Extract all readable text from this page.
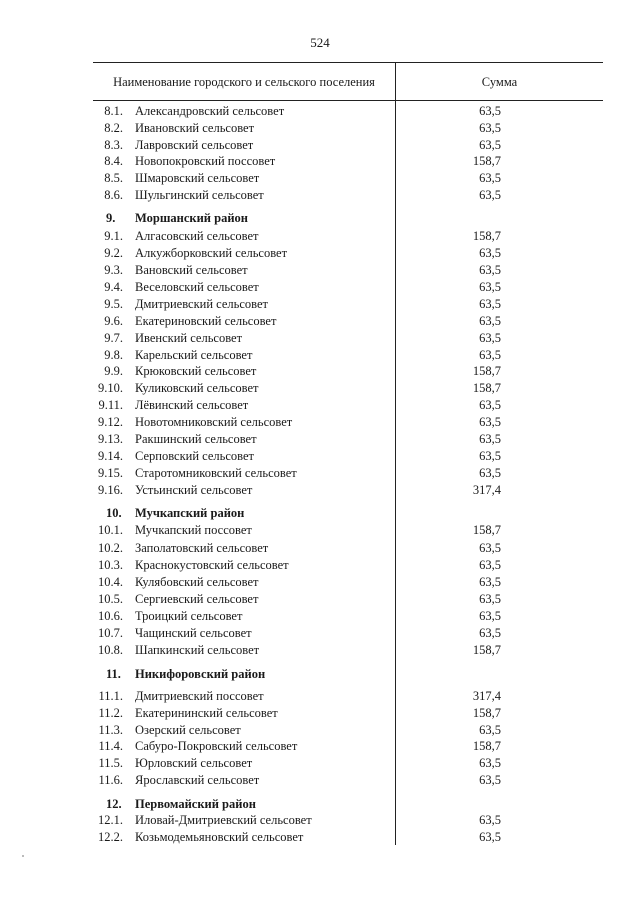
524
Наименование городского и сельского поселения	Сумма
8.1. Александровский сельсовет	63,5
8.2. Ивановский сельсовет	63,5
8.3. Лавровский сельсовет	63,5
8.4. Новопокровский поссовет	158,7
8.5. Шмаровский сельсовет	63,5
8.6. Шульгинский сельсовет	63,5
9. Моршанский район
9.1. Алгасовский сельсовет	158,7
9.2. Алкужборковский сельсовет	63,5
9.3. Вановский сельсовет	63,5
9.4. Веселовский сельсовет	63,5
9.5. Дмитриевский сельсовет	63,5
9.6. Екатериновский сельсовет	63,5
9.7. Ивенский сельсовет	63,5
9.8. Карельский сельсовет	63,5
9.9. Крюковский сельсовет	158,7
9.10. Куликовский сельсовет	158,7
9.11. Лёвинский сельсовет	63,5
9.12. Новотомниковский сельсовет	63,5
9.13. Ракшинский сельсовет	63,5
9.14. Серповский сельсовет	63,5
9.15. Старотомниковский сельсовет	63,5
9.16. Устьинский сельсовет	317,4
10. Мучкапский район
10.1. Мучкапский поссовет	158,7
10.2. Заполатовский сельсовет	63,5
10.3. Краснокустовский сельсовет	63,5
10.4. Кулябовский сельсовет	63,5
10.5. Сергиевский сельсовет	63,5
10.6. Троицкий сельсовет	63,5
10.7. Чащинский сельсовет	63,5
10.8. Шапкинский сельсовет	158,7
11. Никифоровский район
11.1. Дмитриевский поссовет	317,4
11.2. Екатерининский сельсовет	158,7
11.3. Озерский сельсовет	63,5
11.4. Сабуро-Покровский сельсовет	158,7
11.5. Юрловский сельсовет	63,5
11.6. Ярославский сельсовет	63,5
12. Первомайский район
12.1. Иловай-Дмитриевский сельсовет	63,5
12.2. Козьмодемьяновский сельсовет	63,5
